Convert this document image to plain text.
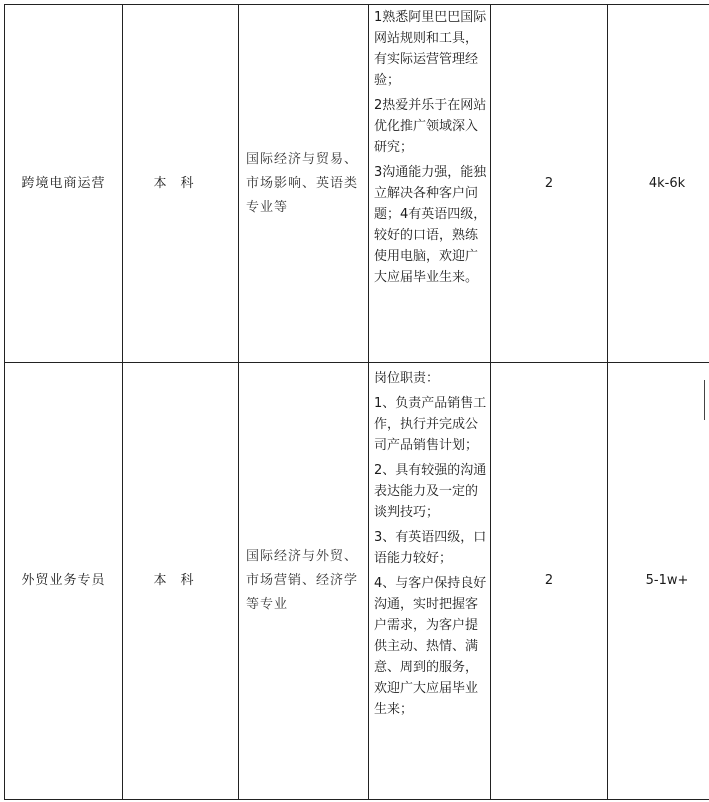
跨境电商运营	本科	国际经济与贸易、市场影响、英语类专业等	1熟悉阿里巴巴国际网站规则和工具，有实际运营管理经验；
2热爱并乐于在网站优化推广领域深入研究；
3沟通能力强，能独立解决各种客户问题；4有英语四级，较好的口语，熟练使用电脑，欢迎广大应届毕业生来。	2	4k-6k
外贸业务专员	本科	国际经济与外贸、市场营销、经济学等专业	岗位职责：
1、负责产品销售工作，执行并完成公司产品销售计划；
2、具有较强的沟通表达能力及一定的谈判技巧；
3、有英语四级，口语能力较好；
4、与客户保持良好沟通，实时把握客户需求，为客户提供主动、热情、满意、周到的服务，欢迎广大应届毕业生来；	2	5-1w+
